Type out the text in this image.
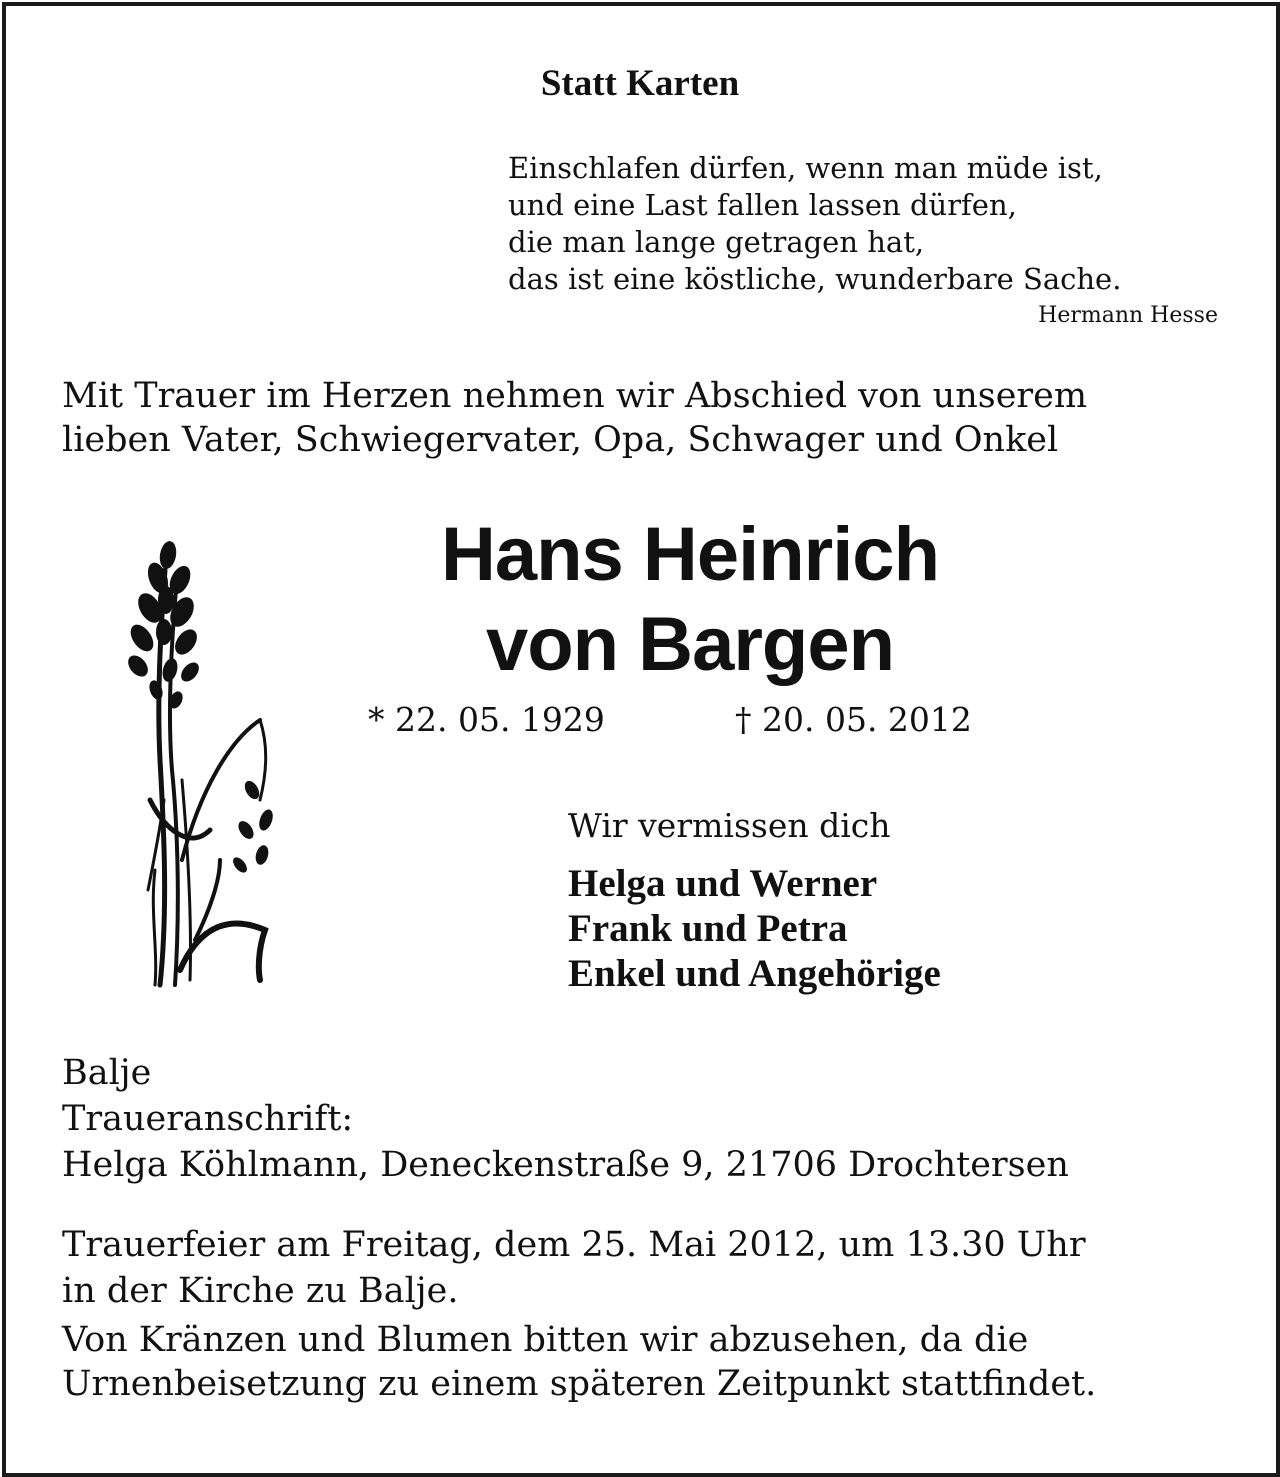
Statt Karten
Einschlafen dürfen, wenn man müde ist,
und eine Last fallen lassen dürfen,
die man lange getragen hat,
das ist eine köstliche, wunderbare Sache.
Hermann Hesse
Mit Trauer im Herzen nehmen wir Abschied von unserem
lieben Vater, Schwiegervater, Opa, Schwager und Onkel
Hans Heinrich
von Bargen
* 22. 05. 1929	† 20. 05. 2012
Wir vermissen dich
Helga und Werner
Frank und Petra
Enkel und Angehörige
Balje
Traueranschrift:
Helga Köhlmann, Deneckenstraße 9, 21706 Drochtersen
Trauerfeier am Freitag, dem 25. Mai 2012, um 13.30 Uhr
in der Kirche zu Balje.
Von Kränzen und Blumen bitten wir abzusehen, da die
Urnenbeisetzung zu einem späteren Zeitpunkt stattfindet.
